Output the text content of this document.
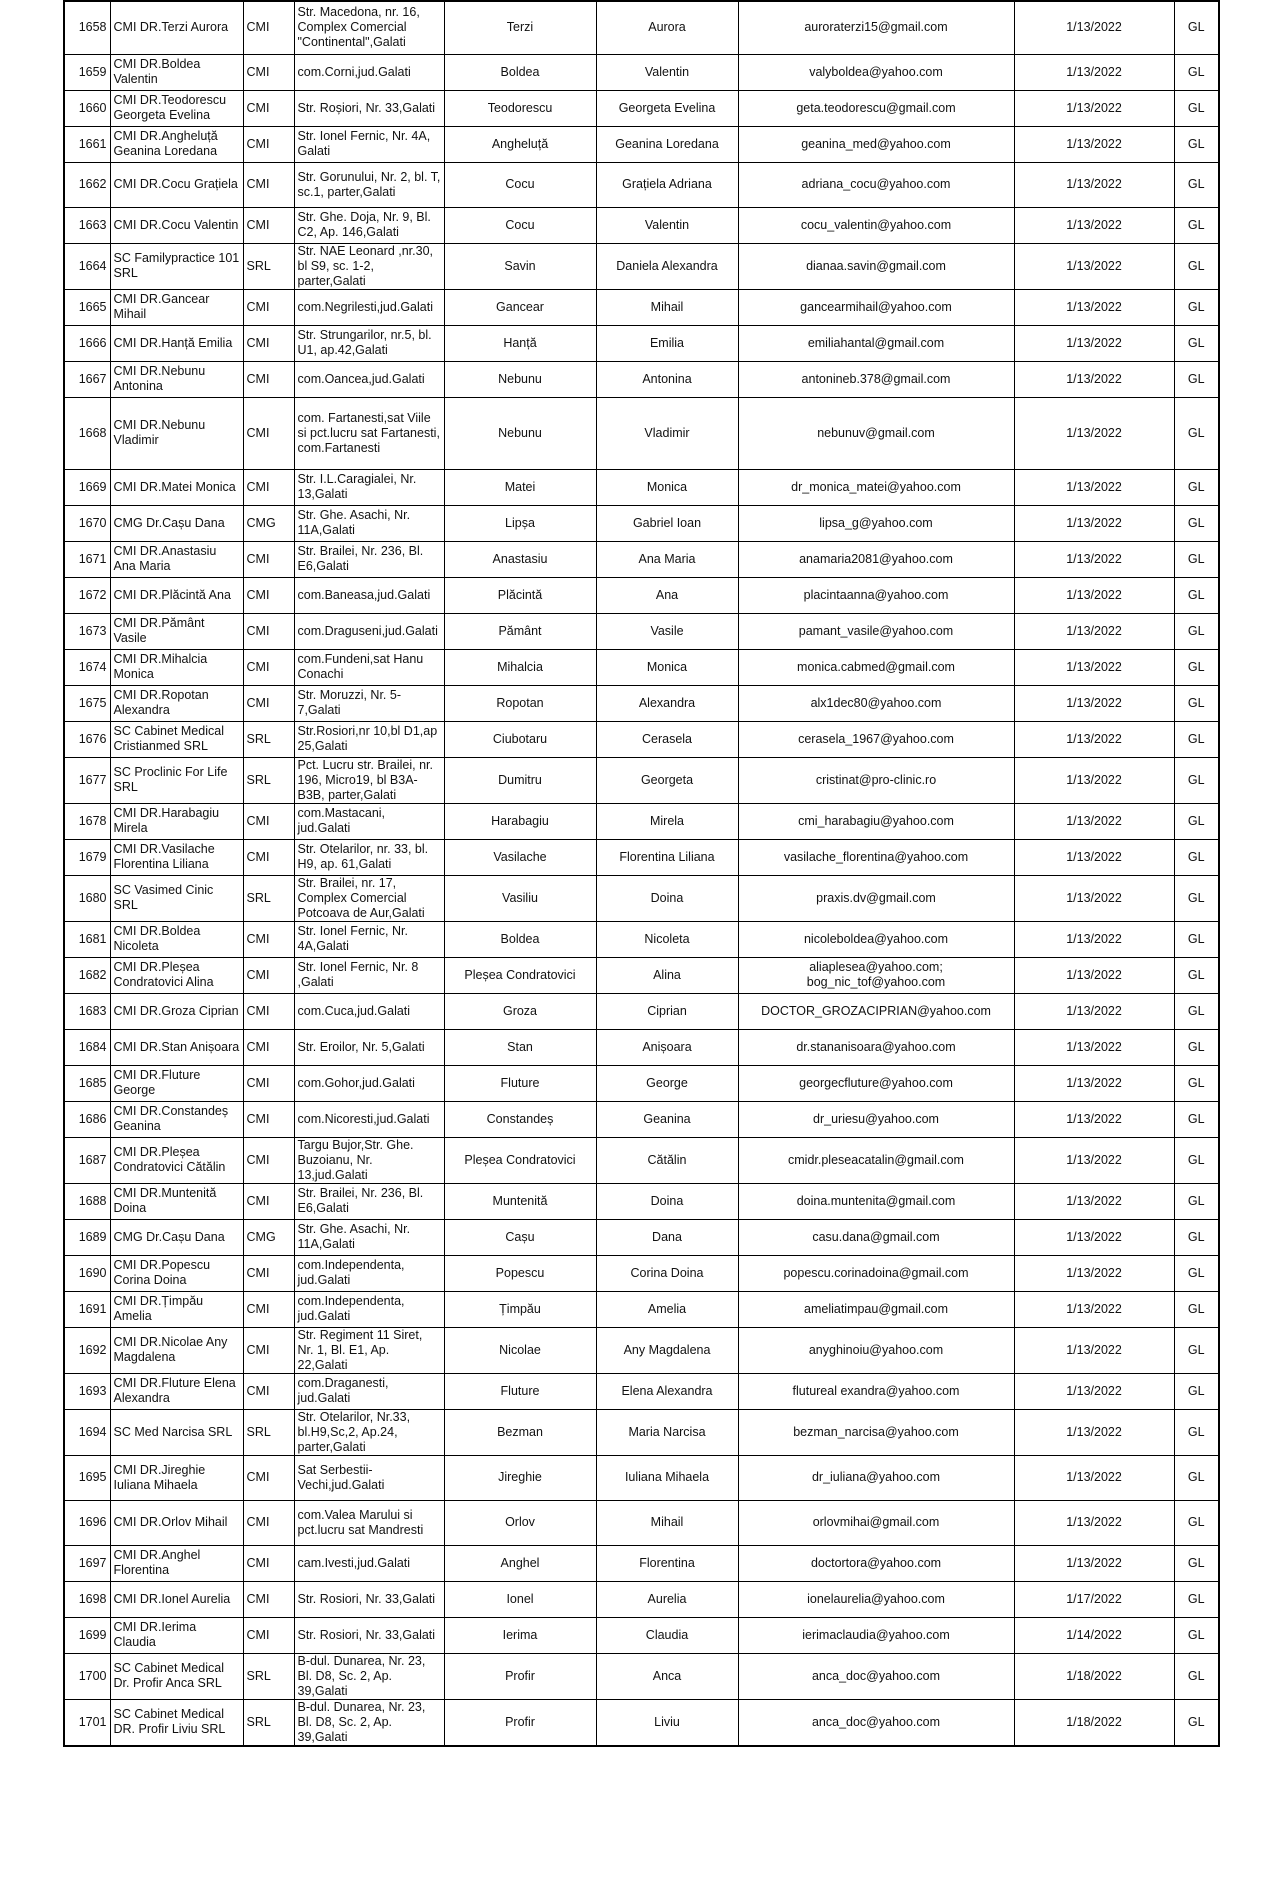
1658	CMI DR.Terzi Aurora	CMI	Str. Macedona, nr. 16, Complex Comercial "Continental",Galati	Terzi	Aurora	auroraterzi15@gmail.com	1/13/2022	GL
1659	CMI DR.Boldea Valentin	CMI	com.Corni,jud.Galati	Boldea	Valentin	valyboldea@yahoo.com	1/13/2022	GL
1660	CMI DR.Teodorescu Georgeta Evelina	CMI	Str. Roșiori, Nr. 33,Galati	Teodorescu	Georgeta Evelina	geta.teodorescu@gmail.com	1/13/2022	GL
1661	CMI DR.Angheluță Geanina Loredana	CMI	Str. Ionel Fernic, Nr. 4A, Galati	Angheluță	Geanina Loredana	geanina_med@yahoo.com	1/13/2022	GL
1662	CMI DR.Cocu Grațiela	CMI	Str. Gorunului, Nr. 2, bl. T, sc.1, parter,Galati	Cocu	Grațiela Adriana	adriana_cocu@yahoo.com	1/13/2022	GL
1663	CMI DR.Cocu Valentin	CMI	Str. Ghe. Doja, Nr. 9, Bl. C2, Ap. 146,Galati	Cocu	Valentin	cocu_valentin@yahoo.com	1/13/2022	GL
1664	SC Familypractice 101 SRL	SRL	Str. NAE Leonard ,nr.30, bl S9, sc. 1-2, parter,Galati	Savin	Daniela Alexandra	dianaa.savin@gmail.com	1/13/2022	GL
1665	CMI DR.Gancear Mihail	CMI	com.Negrilesti,jud.Galati	Gancear	Mihail	gancearmihail@yahoo.com	1/13/2022	GL
1666	CMI DR.Hanță Emilia	CMI	Str. Strungarilor, nr.5, bl. U1, ap.42,Galati	Hanță	Emilia	emiliahantal@gmail.com	1/13/2022	GL
1667	CMI DR.Nebunu Antonina	CMI	com.Oancea,jud.Galati	Nebunu	Antonina	antonineb.378@gmail.com	1/13/2022	GL
1668	CMI DR.Nebunu Vladimir	CMI	com. Fartanesti,sat Viile si pct.lucru sat Fartanesti, com.Fartanesti	Nebunu	Vladimir	nebunuv@gmail.com	1/13/2022	GL
1669	CMI DR.Matei Monica	CMI	Str. I.L.Caragialei, Nr. 13,Galati	Matei	Monica	dr_monica_matei@yahoo.com	1/13/2022	GL
1670	CMG Dr.Cașu Dana	CMG	Str. Ghe. Asachi, Nr. 11A,Galati	Lipșa	Gabriel Ioan	lipsa_g@yahoo.com	1/13/2022	GL
1671	CMI DR.Anastasiu Ana Maria	CMI	Str. Brailei, Nr. 236, Bl. E6,Galati	Anastasiu	Ana Maria	anamaria2081@yahoo.com	1/13/2022	GL
1672	CMI DR.Plăcintă Ana	CMI	com.Baneasa,jud.Galati	Plăcintă	Ana	placintaanna@yahoo.com	1/13/2022	GL
1673	CMI DR.Pământ Vasile	CMI	com.Draguseni,jud.Galati	Pământ	Vasile	pamant_vasile@yahoo.com	1/13/2022	GL
1674	CMI DR.Mihalcia Monica	CMI	com.Fundeni,sat Hanu Conachi	Mihalcia	Monica	monica.cabmed@gmail.com	1/13/2022	GL
1675	CMI DR.Ropotan Alexandra	CMI	Str. Moruzzi, Nr. 5-7,Galati	Ropotan	Alexandra	alx1dec80@yahoo.com	1/13/2022	GL
1676	SC Cabinet Medical Cristianmed SRL	SRL	Str.Rosiori,nr 10,bl D1,ap 25,Galati	Ciubotaru	Cerasela	cerasela_1967@yahoo.com	1/13/2022	GL
1677	SC Proclinic For Life SRL	SRL	Pct. Lucru str. Brailei, nr. 196, Micro19, bl B3A-B3B, parter,Galati	Dumitru	Georgeta	cristinat@pro-clinic.ro	1/13/2022	GL
1678	CMI DR.Harabagiu Mirela	CMI	com.Mastacani, jud.Galati	Harabagiu	Mirela	cmi_harabagiu@yahoo.com	1/13/2022	GL
1679	CMI DR.Vasilache Florentina Liliana	CMI	Str. Otelarilor, nr. 33, bl. H9, ap. 61,Galati	Vasilache	Florentina Liliana	vasilache_florentina@yahoo.com	1/13/2022	GL
1680	SC Vasimed Cinic SRL	SRL	Str. Brailei, nr. 17, Complex Comercial Potcoava de Aur,Galati	Vasiliu	Doina	praxis.dv@gmail.com	1/13/2022	GL
1681	CMI DR.Boldea Nicoleta	CMI	Str. Ionel Fernic, Nr. 4A,Galati	Boldea	Nicoleta	nicoleboldea@yahoo.com	1/13/2022	GL
1682	CMI DR.Pleșea Condratovici Alina	CMI	Str. Ionel Fernic, Nr. 8 ,Galati	Pleșea Condratovici	Alina	aliaplesea@yahoo.com; bog_nic_tof@yahoo.com	1/13/2022	GL
1683	CMI DR.Groza Ciprian	CMI	com.Cuca,jud.Galati	Groza	Ciprian	DOCTOR_GROZACIPRIAN@yahoo.com	1/13/2022	GL
1684	CMI DR.Stan Anișoara	CMI	Str. Eroilor, Nr. 5,Galati	Stan	Anișoara	dr.stananisoara@yahoo.com	1/13/2022	GL
1685	CMI DR.Fluture George	CMI	com.Gohor,jud.Galati	Fluture	George	georgecfluture@yahoo.com	1/13/2022	GL
1686	CMI DR.Constandeș Geanina	CMI	com.Nicoresti,jud.Galati	Constandeș	Geanina	dr_uriesu@yahoo.com	1/13/2022	GL
1687	CMI DR.Pleșea Condratovici Cătălin	CMI	Targu Bujor,Str. Ghe. Buzoianu, Nr. 13,jud.Galati	Pleșea Condratovici	Cătălin	cmidr.pleseacatalin@gmail.com	1/13/2022	GL
1688	CMI DR.Muntenită Doina	CMI	Str. Brailei, Nr. 236, Bl. E6,Galati	Muntenită	Doina	doina.muntenita@gmail.com	1/13/2022	GL
1689	CMG Dr.Cașu Dana	CMG	Str. Ghe. Asachi, Nr. 11A,Galati	Cașu	Dana	casu.dana@gmail.com	1/13/2022	GL
1690	CMI DR.Popescu Corina Doina	CMI	com.Independenta, jud.Galati	Popescu	Corina Doina	popescu.corinadoina@gmail.com	1/13/2022	GL
1691	CMI DR.Țimpău Amelia	CMI	com.Independenta, jud.Galati	Țimpău	Amelia	ameliatimpau@gmail.com	1/13/2022	GL
1692	CMI DR.Nicolae Any Magdalena	CMI	Str. Regiment 11 Siret, Nr. 1, Bl. E1, Ap. 22,Galati	Nicolae	Any Magdalena	anyghinoiu@yahoo.com	1/13/2022	GL
1693	CMI DR.Fluture Elena Alexandra	CMI	com.Draganesti, jud.Galati	Fluture	Elena Alexandra	flutureal exandra@yahoo.com	1/13/2022	GL
1694	SC Med Narcisa SRL	SRL	Str. Otelarilor, Nr.33, bl.H9,Sc,2, Ap.24, parter,Galati	Bezman	Maria Narcisa	bezman_narcisa@yahoo.com	1/13/2022	GL
1695	CMI DR.Jireghie Iuliana Mihaela	CMI	Sat Serbestii-Vechi,jud.Galati	Jireghie	Iuliana Mihaela	dr_iuliana@yahoo.com	1/13/2022	GL
1696	CMI DR.Orlov Mihail	CMI	com.Valea Marului si pct.lucru sat Mandresti	Orlov	Mihail	orlovmihai@gmail.com	1/13/2022	GL
1697	CMI DR.Anghel Florentina	CMI	cam.Ivesti,jud.Galati	Anghel	Florentina	doctortora@yahoo.com	1/13/2022	GL
1698	CMI DR.Ionel Aurelia	CMI	Str. Rosiori, Nr. 33,Galati	Ionel	Aurelia	ionelaurelia@yahoo.com	1/17/2022	GL
1699	CMI DR.Ierima Claudia	CMI	Str. Rosiori, Nr. 33,Galati	Ierima	Claudia	ierimaclaudia@yahoo.com	1/14/2022	GL
1700	SC Cabinet Medical Dr. Profir Anca SRL	SRL	B-dul. Dunarea, Nr. 23, Bl. D8, Sc. 2, Ap. 39,Galati	Profir	Anca	anca_doc@yahoo.com	1/18/2022	GL
1701	SC Cabinet Medical DR. Profir Liviu SRL	SRL	B-dul. Dunarea, Nr. 23, Bl. D8, Sc. 2, Ap. 39,Galati	Profir	Liviu	anca_doc@yahoo.com	1/18/2022	GL
